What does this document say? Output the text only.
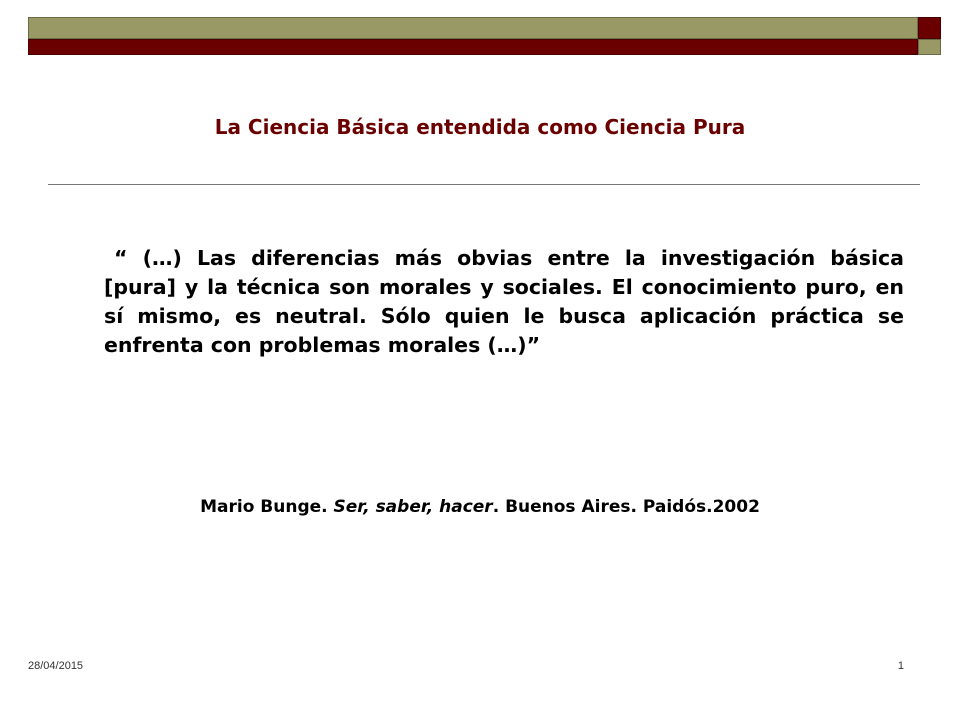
La Ciencia Básica entendida como Ciencia Pura

“ (…) Las diferencias más obvias entre la investigación básica [pura] y la técnica son morales y sociales. El conocimiento puro, en sí mismo, es neutral. Sólo quien le busca aplicación práctica se enfrenta con problemas morales (…)”

Mario Bunge. Ser, saber, hacer. Buenos Aires. Paidós.2002
28/04/2015	1
